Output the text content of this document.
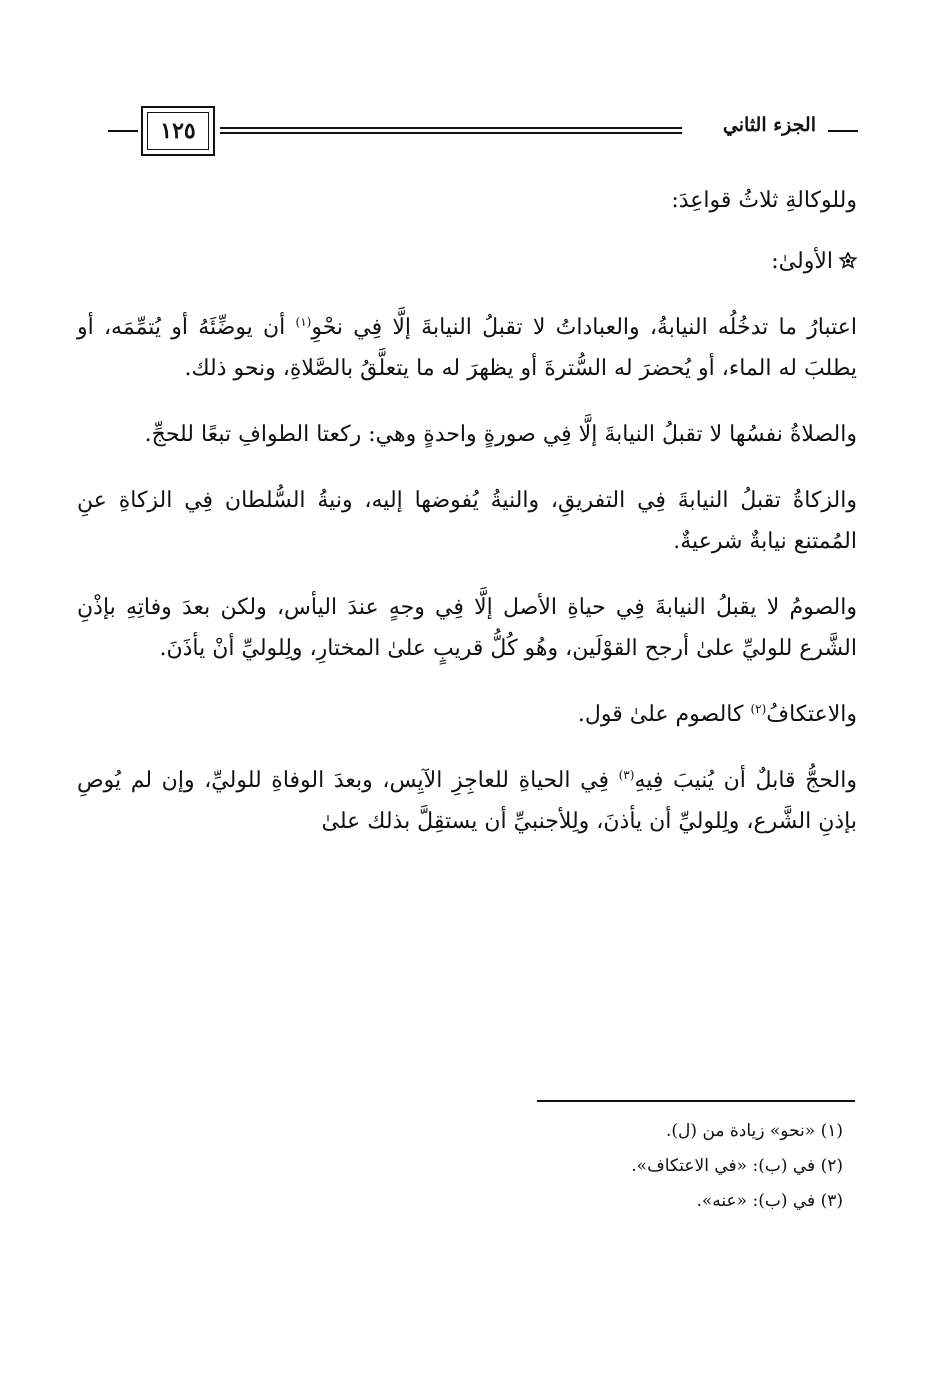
الجزء الثاني
١٢٥

وللوكالةِ ثلاثُ قواعِدَ:

الأولىٰ:

اعتبارُ ما تدخُلُه النيابةُ، والعباداتُ لا تقبلُ النيابةَ إلَّا فِي نحْوِ$^{(١)}$ أن يوضِّئَهُ أو يُتمِّمَه، أو يطلبَ له الماء، أو يُحضرَ له السُّترةَ أو يظهرَ له ما يتعلَّقُ بالصَّلاةِ، ونحو ذلك.

والصلاةُ نفسُها لا تقبلُ النيابةَ إلَّا فِي صورةٍ واحدةٍ وهي: ركعتا الطوافِ تبعًا للحجِّ.

والزكاةُ تقبلُ النيابةَ فِي التفريقِ، والنيةُ يُفوضها إليه، ونيةُ السُّلطان فِي الزكاةِ عنِ المُمتنع نيابةٌ شرعيةٌ.

والصومُ لا يقبلُ النيابةَ فِي حياةِ الأصل إلَّا فِي وجهٍ عندَ اليأس، ولكن بعدَ وفاتِهِ بإذْنِ الشَّرع للوليِّ علىٰ أرجح القوْلَين، وهُو كُلُّ قريبٍ علىٰ المختارِ، ولِلوليِّ أنْ يأذَنَ.

والاعتكافُ$^{(٢)}$ كالصوم علىٰ قول.

والحجُّ قابلٌ أن يُنيبَ فِيهِ$^{(٣)}$ فِي الحياةِ للعاجِزِ الآيِس، وبعدَ الوفاةِ للوليِّ، وإن لم يُوصِ بإذنِ الشَّرع، ولِلوليِّ أن يأذنَ، ولِلأجنبيِّ أن يستقِلَّ بذلك علىٰ

(١) «نحو» زيادة من (ل).
(٢) في (ب): «في الاعتكاف».
(٣) في (ب): «عنه».
